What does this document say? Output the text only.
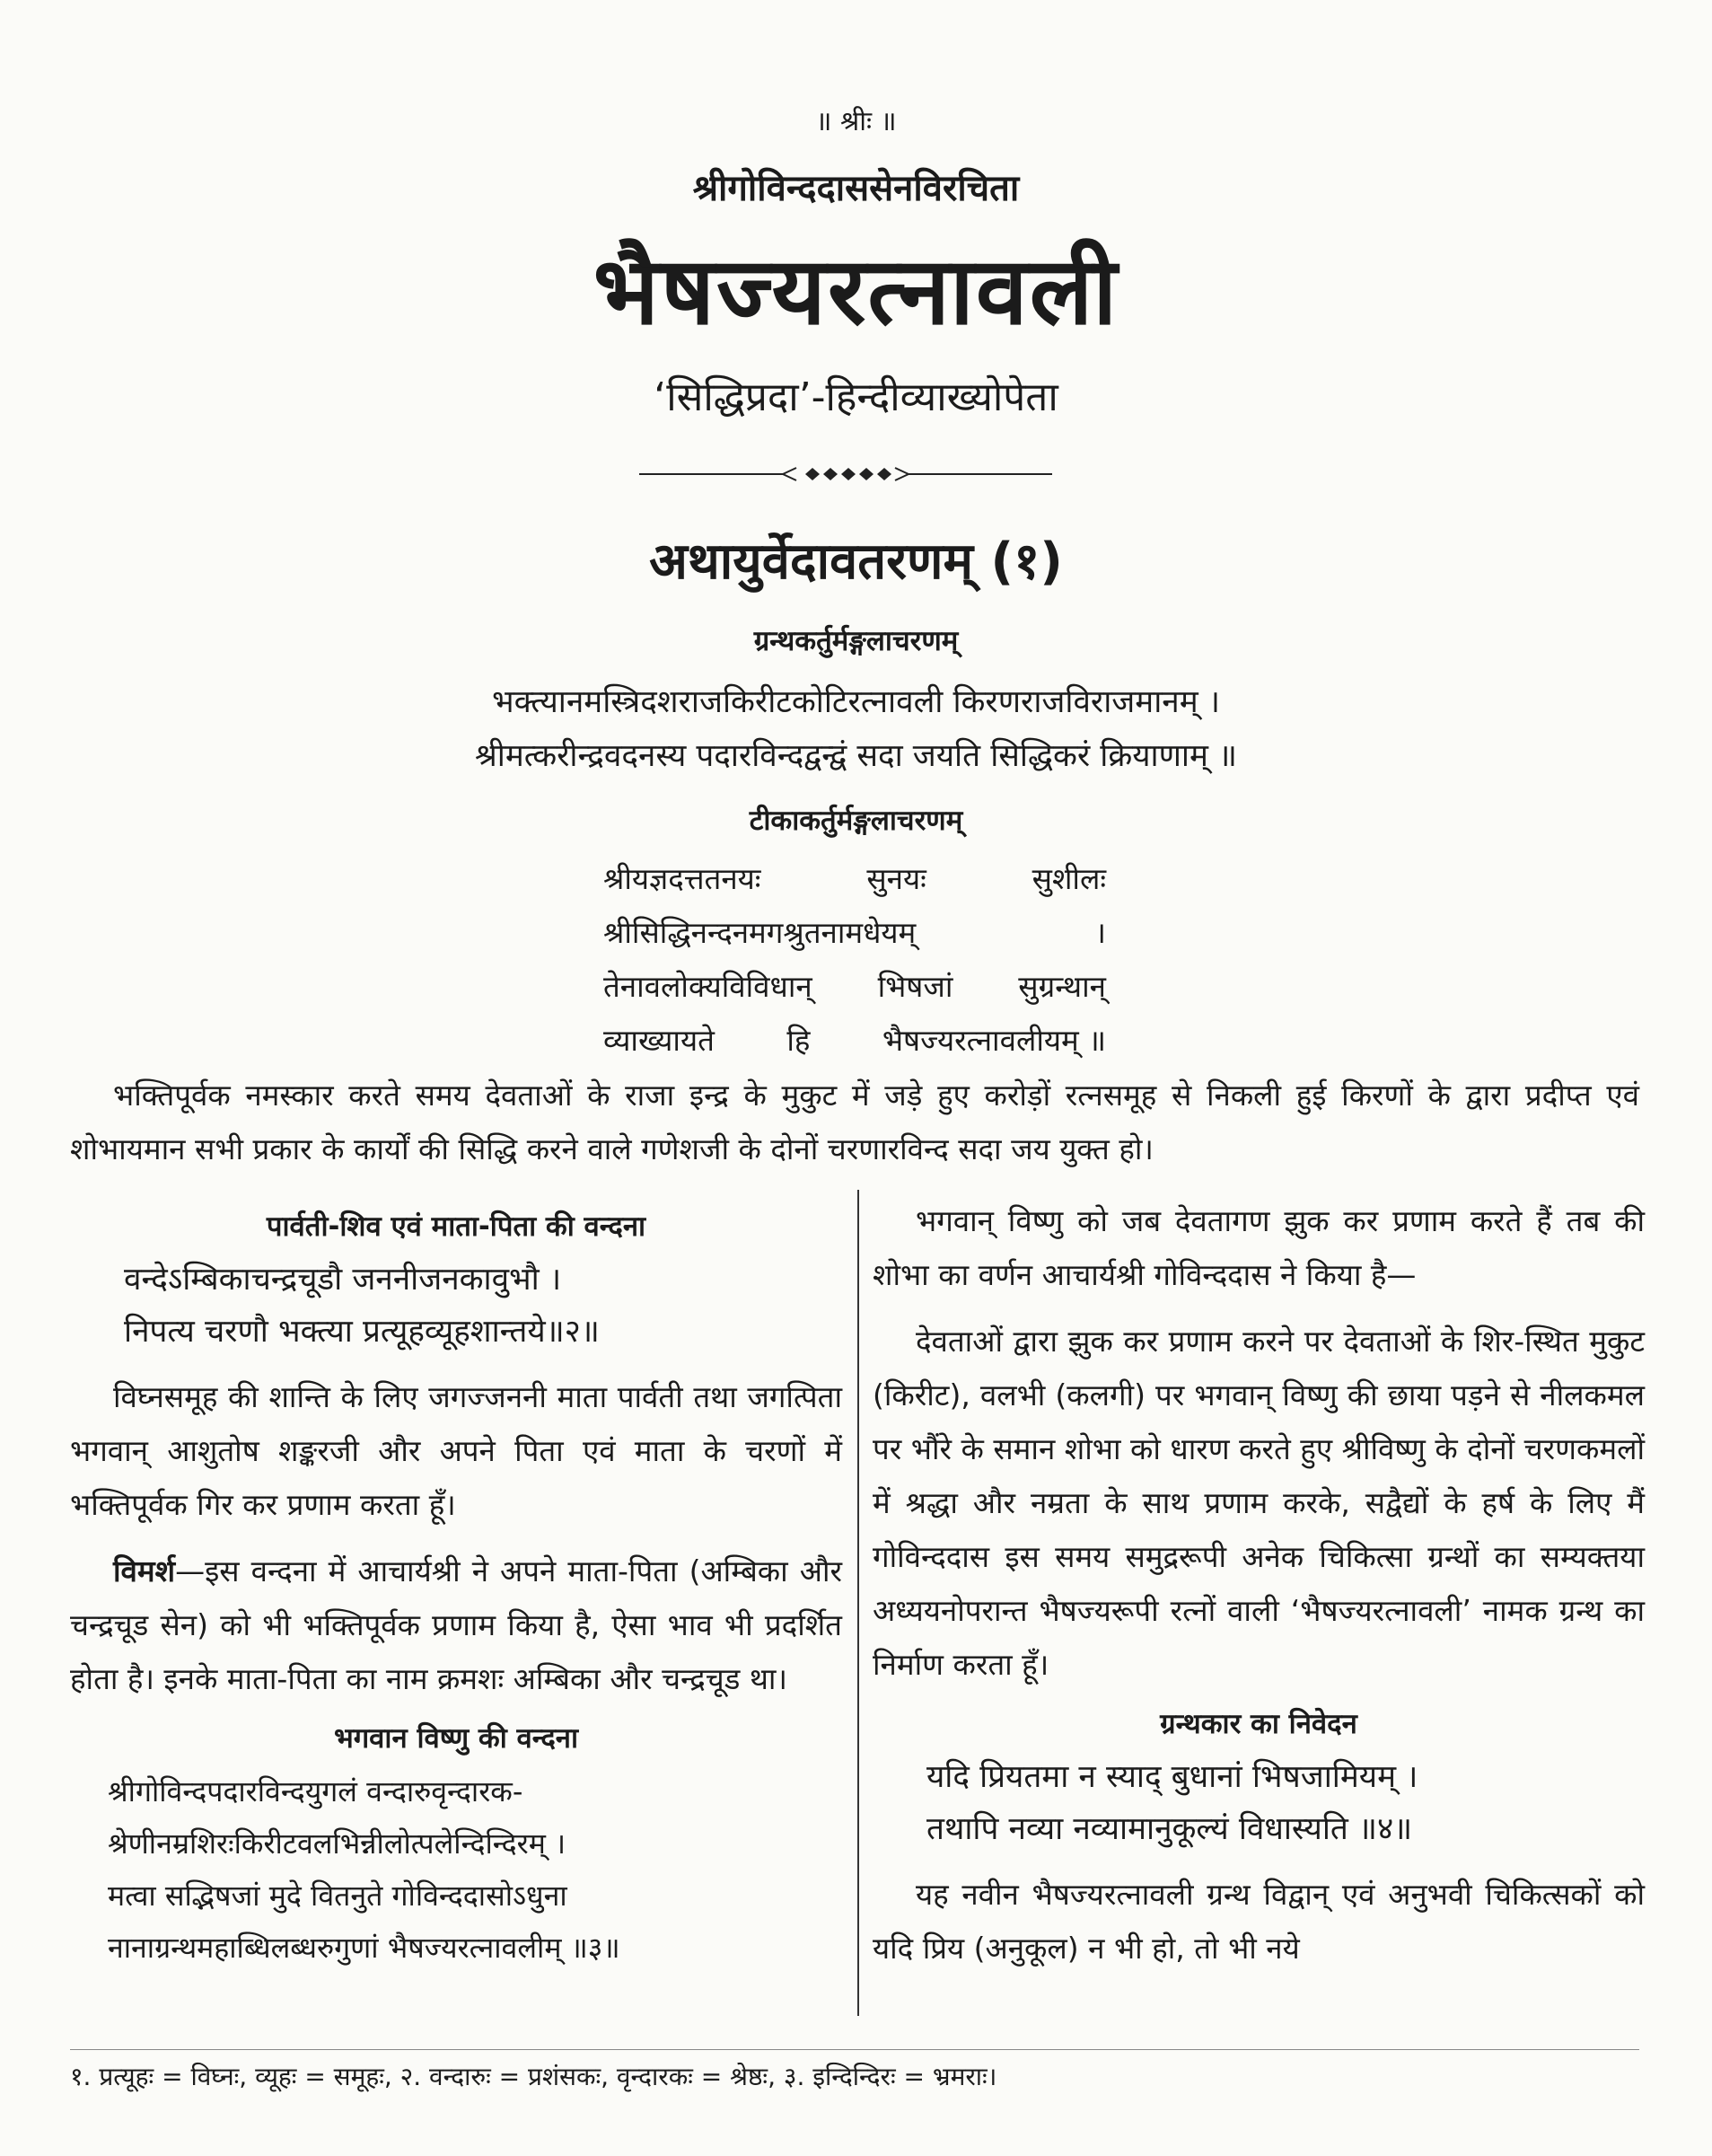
॥ श्रीः ॥
श्रीगोविन्ददाससेनविरचिता
भैषज्यरत्नावली
‘सिद्धिप्रदा’-हिन्दीव्याख्योपेता
अथायुर्वेदावतरणम् (१)
ग्रन्थकर्तुर्मङ्गलाचरणम्
भक्त्यानमस्त्रिदशराजकिरीटकोटिरत्नावली किरणराजविराजमानम् ।
श्रीमत्करीन्द्रवदनस्य पदारविन्दद्वन्द्वं सदा जयति सिद्धिकरं क्रियाणाम् ॥
टीकाकर्तुर्मङ्गलाचरणम्
श्रीयज्ञदत्ततनयः	सुनयः	सुशीलः
श्रीसिद्धिनन्दनमगश्रुतनामधेयम्	।
तेनावलोक्यविविधान् भिषजां सुग्रन्थान्
व्याख्यायते हि भैषज्यरत्नावलीयम् ॥

भक्तिपूर्वक नमस्कार करते समय देवताओं के राजा इन्द्र के मुकुट में जड़े हुए करोड़ों रत्नसमूह से निकली हुई किरणों के द्वारा प्रदीप्त एवं शोभायमान सभी प्रकार के कार्यों की सिद्धि करने वाले गणेशजी के दोनों चरणारविन्द सदा जय युक्त हो।

पार्वती-शिव एवं माता-पिता की वन्दना
वन्देऽम्बिकाचन्द्रचूडौ जननीजनकावुभौ ।
निपत्य चरणौ भक्त्या प्रत्यूहव्यूहशान्तये॥२॥

विघ्नसमूह की शान्ति के लिए जगज्जननी माता पार्वती तथा जगत्पिता भगवान् आशुतोष शङ्करजी और अपने पिता एवं माता के चरणों में भक्तिपूर्वक गिर कर प्रणाम करता हूँ।

विमर्श—इस वन्दना में आचार्यश्री ने अपने माता-पिता (अम्बिका और चन्द्रचूड सेन) को भी भक्तिपूर्वक प्रणाम किया है, ऐसा भाव भी प्रदर्शित होता है। इनके माता-पिता का नाम क्रमशः अम्बिका और चन्द्रचूड था।

भगवान विष्णु की वन्दना
श्रीगोविन्दपदारविन्दयुगलं वन्दारुवृन्दारक-
श्रेणीनम्रशिरःकिरीटवलभिन्नीलोत्पलेन्दिन्दिरम् ।
मत्वा सद्भिषजां मुदे वितनुते गोविन्ददासोऽधुना
नानाग्रन्थमहाब्धिलब्धरुगुणां भैषज्यरत्नावलीम् ॥३॥

भगवान् विष्णु को जब देवतागण झुक कर प्रणाम करते हैं तब की शोभा का वर्णन आचार्यश्री गोविन्ददास ने किया है—

देवताओं द्वारा झुक कर प्रणाम करने पर देवताओं के शिर-स्थित मुकुट (किरीट), वलभी (कलगी) पर भगवान् विष्णु की छाया पड़ने से नीलकमल पर भौंरे के समान शोभा को धारण करते हुए श्रीविष्णु के दोनों चरणकमलों में श्रद्धा और नम्रता के साथ प्रणाम करके, सद्वैद्यों के हर्ष के लिए मैं गोविन्ददास इस समय समुद्ररूपी अनेक चिकित्सा ग्रन्थों का सम्यक्तया अध्ययनोपरान्त भैषज्यरूपी रत्नों वाली ‘भैषज्यरत्नावली’ नामक ग्रन्थ का निर्माण करता हूँ।

ग्रन्थकार का निवेदन
यदि प्रियतमा न स्याद् बुधानां भिषजामियम् ।
तथापि नव्या नव्यामानुकूल्यं विधास्यति ॥४॥

यह नवीन भैषज्यरत्नावली ग्रन्थ विद्वान् एवं अनुभवी चिकित्सकों को यदि प्रिय (अनुकूल) न भी हो, तो भी नये

१. प्रत्यूहः = विघ्नः, व्यूहः = समूहः, २. वन्दारुः = प्रशंसकः, वृन्दारकः = श्रेष्ठः, ३. इन्दिन्दिरः = भ्रमराः।
